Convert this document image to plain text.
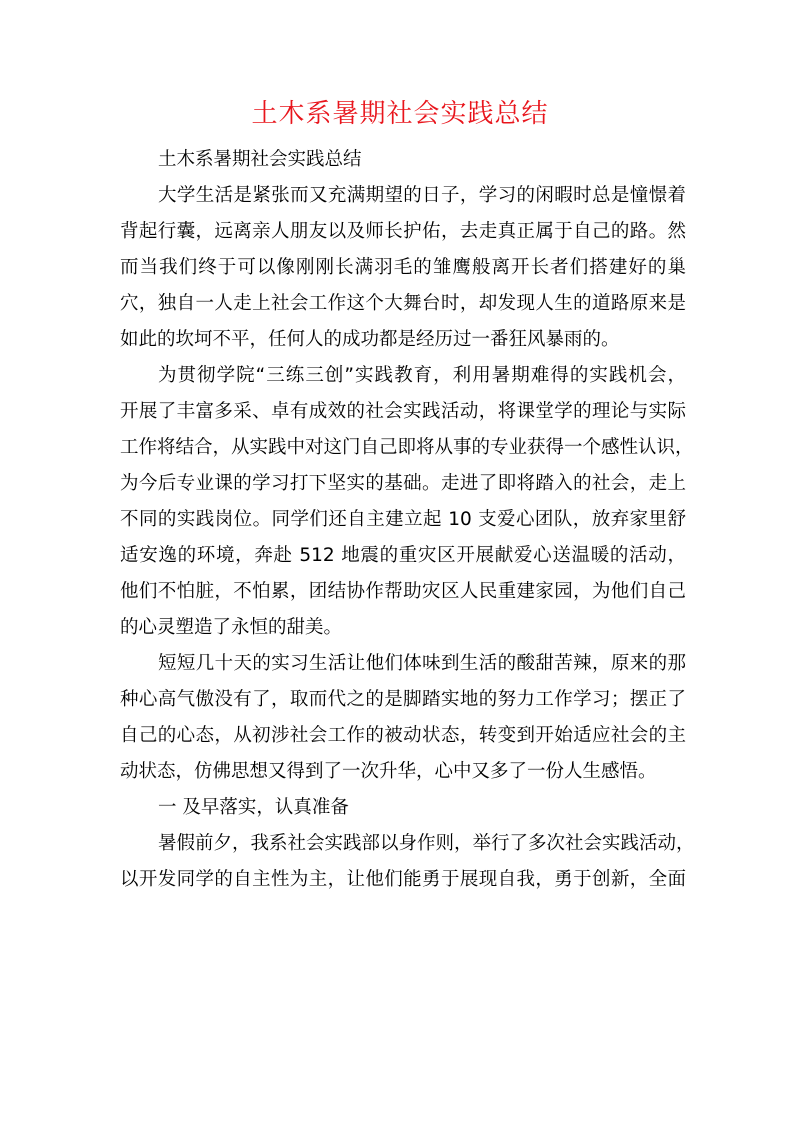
土木系暑期社会实践总结
土木系暑期社会实践总结
大学生活是紧张而又充满期望的日子，学习的闲暇时总是憧憬着
背起行囊，远离亲人朋友以及师长护佑，去走真正属于自己的路。然
而当我们终于可以像刚刚长满羽毛的雏鹰般离开长者们搭建好的巢
穴，独自一人走上社会工作这个大舞台时，却发现人生的道路原来是
如此的坎坷不平，任何人的成功都是经历过一番狂风暴雨的。
为贯彻学院“三练三创”实践教育，利用暑期难得的实践机会，
开展了丰富多采、卓有成效的社会实践活动，将课堂学的理论与实际
工作将结合，从实践中对这门自己即将从事的专业获得一个感性认识，
为今后专业课的学习打下坚实的基础。走进了即将踏入的社会，走上
不同的实践岗位。同学们还自主建立起 10 支爱心团队，放弃家里舒
适安逸的环境，奔赴 512 地震的重灾区开展献爱心送温暖的活动，
他们不怕脏，不怕累，团结协作帮助灾区人民重建家园，为他们自己
的心灵塑造了永恒的甜美。
短短几十天的实习生活让他们体味到生活的酸甜苦辣，原来的那
种心高气傲没有了，取而代之的是脚踏实地的努力工作学习；摆正了
自己的心态，从初涉社会工作的被动状态，转变到开始适应社会的主
动状态，仿佛思想又得到了一次升华，心中又多了一份人生感悟。
一 及早落实，认真准备
暑假前夕，我系社会实践部以身作则，举行了多次社会实践活动，
以开发同学的自主性为主，让他们能勇于展现自我，勇于创新，全面
